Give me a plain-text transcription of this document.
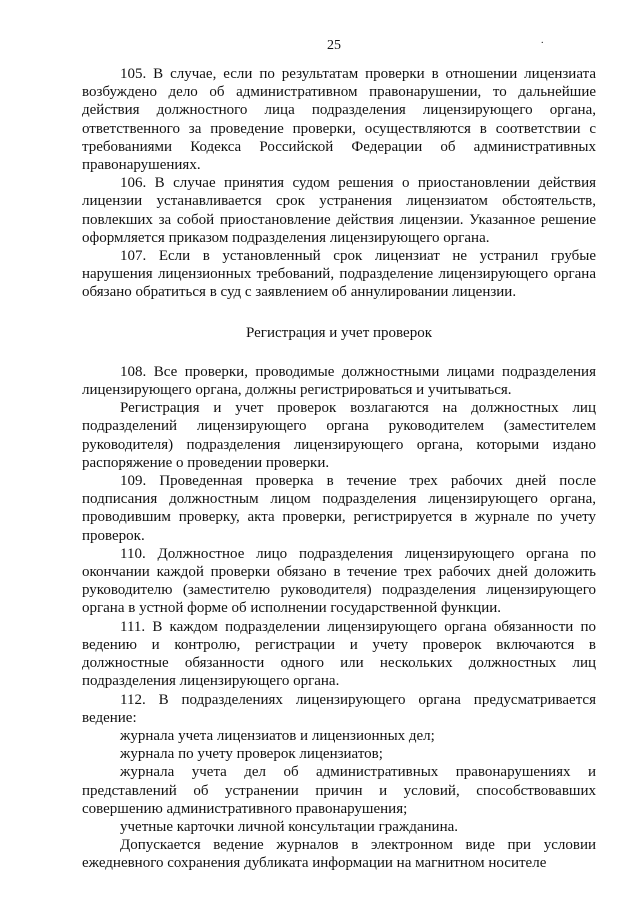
25	.

105. В случае, если по результатам проверки в отношении лицензиата возбуждено дело об административном правонарушении, то дальнейшие действия должностного лица подразделения лицензирующего органа, ответственного за проведение проверки, осуществляются в соответствии с требованиями Кодекса Российской Федерации об административных правонарушениях.

106. В случае принятия судом решения о приостановлении действия лицензии устанавливается срок устранения лицензиатом обстоятельств, повлекших за собой приостановление действия лицензии. Указанное решение оформляется приказом подразделения лицензирующего органа.

107. Если в установленный срок лицензиат не устранил грубые нарушения лицензионных требований, подразделение лицензирующего органа обязано обратиться в суд с заявлением об аннулировании лицензии.

Регистрация и учет проверок

108. Все проверки, проводимые должностными лицами подразделения лицензирующего органа, должны регистрироваться и учитываться.

Регистрация и учет проверок возлагаются на должностных лиц подразделений лицензирующего органа руководителем (заместителем руководителя) подразделения лицензирующего органа, которыми издано распоряжение о проведении проверки.

109. Проведенная проверка в течение трех рабочих дней после подписания должностным лицом подразделения лицензирующего органа, проводившим проверку, акта проверки, регистрируется в журнале по учету проверок.

110. Должностное лицо подразделения лицензирующего органа по окончании каждой проверки обязано в течение трех рабочих дней доложить руководителю (заместителю руководителя) подразделения лицензирующего органа в устной форме об исполнении государственной функции.

111. В каждом подразделении лицензирующего органа обязанности по ведению и контролю, регистрации и учету проверок включаются в должностные обязанности одного или нескольких должностных лиц подразделения лицензирующего органа.

112. В подразделениях лицензирующего органа предусматривается ведение:

журнала учета лицензиатов и лицензионных дел;

журнала по учету проверок лицензиатов;

журнала учета дел об административных правонарушениях и представлений об устранении причин и условий, способствовавших совершению административного правонарушения;

учетные карточки личной консультации гражданина.

Допускается ведение журналов в электронном виде при условии ежедневного сохранения дубликата информации на магнитном носителе
